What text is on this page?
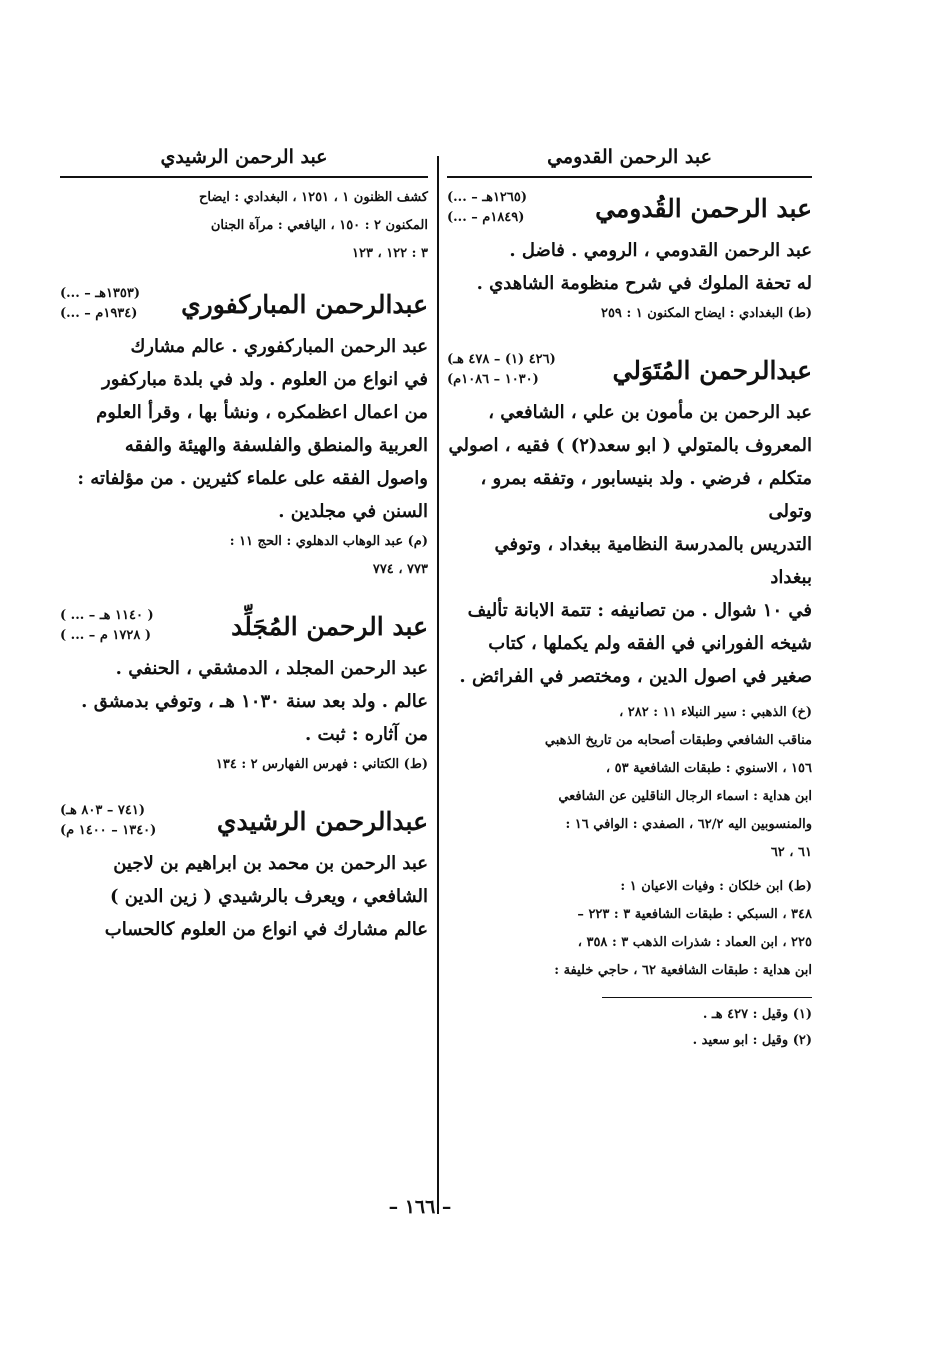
عبد الرحمن القدومي
عبد الرحمن القُدومي
(... – ١٢٦٥هـ)
(... – ١٨٤٩م)

عبد الرحمن القدومي ، الرومي . فاضل .

له تحفة الملوك في شرح منظومة الشاهدي .

(ط) البغدادي : ايضاح المكنون ١ : ٢٥٩

عبدالرحمن المُتَوَلي
(٤٢٦ (١) – ٤٧٨ هـ)
(١٠٣٠ – ١٠٨٦م)

عبد الرحمن بن مأمون بن علي ، الشافعي ،

المعروف بالمتولي ( ابو سعد(٢) ) فقيه ، اصولي

متكلم ، فرضي . ولد بنيسابور ، وتفقه بمرو ، وتولى

التدريس بالمدرسة النظامية ببغداد ، وتوفي ببغداد

في ١٠ شوال . من تصانيفه : تتمة الابانة تأليف

شيخه الفوراني في الفقه ولم يكملها ، كتاب

صغير في اصول الدين ، ومختصر في الفرائض .

(خ) الذهبي : سير النبلاء ١١ : ٢٨٢ ،

مناقب الشافعي وطبقات أصحابه من تاريخ الذهبي

١٥٦ ، الاسنوي : طبقات الشافعية ٥٣ ،

ابن هداية : اسماء الرجال الناقلين عن الشافعي

والمنسوبين اليه ٦٢/٢ ، الصفدي : الوافي ١٦ :

٦١ ، ٦٢

(ط) ابن خلكان : وفيات الاعيان ١ :

٣٤٨ ، السبكي : طبقات الشافعية ٣ : ٢٢٣ –

٢٢٥ ، ابن العماد : شذرات الذهب ٣ : ٣٥٨ ،

ابن هداية : طبقات الشافعية ٦٢ ، حاجي خليفة :

(١) وقيل : ٤٢٧ هـ .

(٢) وقيل : ابو سعيد .

عبد الرحمن الرشيدي

كشف الظنون ١ ، ١٢٥١ ، البغدادي : ايضاح

المكنون ٢ : ١٥٠ ، اليافعي : مرآة الجنان

٣ : ١٢٢ ، ١٢٣

عبدالرحمن المباركفوري
(... – ١٣٥٣هـ)
(... – ١٩٣٤م)

عبد الرحمن المباركفوري . عالم مشارك

في انواع من العلوم . ولد في بلدة مباركفور

من اعمال اعظمكره ، ونشأ بها ، وقرأ العلوم

العربية والمنطق والفلسفة والهيئة والفقه

واصول الفقه على علماء كثيرين . من مؤلفاته :

السنن في مجلدين .

(م) عبد الوهاب الدهلوي : الحج ١١ :

٧٧٣ ، ٧٧٤

عبد الرحمن المُجَلِّد
( ... – ١١٤٠ هـ )
( ... – ١٧٢٨ م )

عبد الرحمن المجلد ، الدمشقي ، الحنفي .

عالم . ولد بعد سنة ١٠٣٠ هـ ، وتوفي بدمشق .

من آثاره : ثبت .

(ط) الكتاني : فهرس الفهارس ٢ : ١٣٤

عبدالرحمن الرشيدي
(٧٤١ – ٨٠٣ هـ)
(١٣٤٠ – ١٤٠٠ م)

عبد الرحمن بن محمد بن ابراهيم بن لاجين

الشافعي ، ويعرف بالرشيدي ( زين الدين )

عالم مشارك في انواع من العلوم كالحساب

– ١٦٦ –
